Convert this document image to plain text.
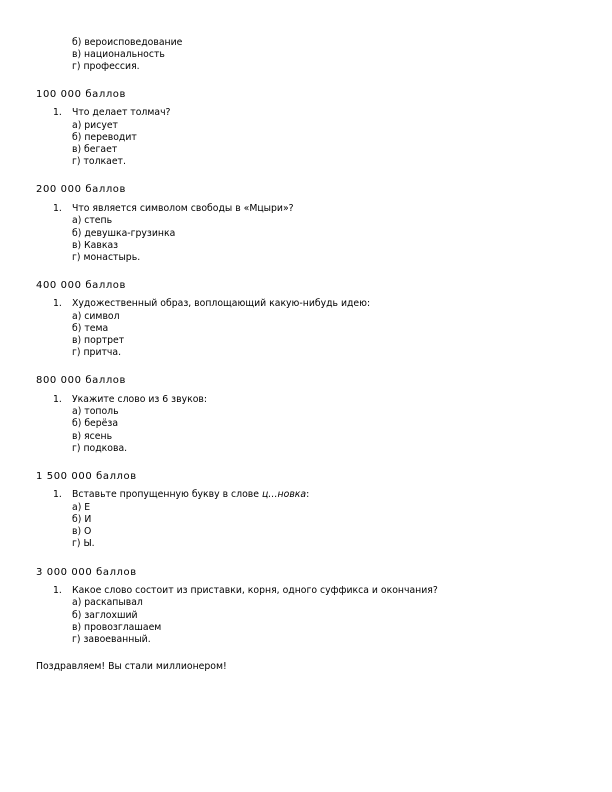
б) вероисповедование
в) национальность
г) профессия.
100 000 баллов
1. Что делает толмач?
а) рисует
б) переводит
в) бегает
г) толкает.
200 000 баллов
1. Что является символом свободы в «Мцыри»?
а) степь
б) девушка-грузинка
в) Кавказ
г) монастырь.
400 000 баллов
1. Художественный образ, воплощающий какую-нибудь идею:
а) символ
б) тема
в) портрет
г) притча.
800 000 баллов
1. Укажите слово из 6 звуков:
а) тополь
б) берёза
в) ясень
г) подкова.
1 500 000 баллов
1. Вставьте пропущенную букву в слове ц…новка:
а) Е
б) И
в) О
г) Ы.
3 000 000 баллов
1. Какое слово состоит из приставки, корня, одного суффикса и окончания?
а) раскапывал
б) заглохший
в) провозглашаем
г) завоеванный.
Поздравляем! Вы стали миллионером!
